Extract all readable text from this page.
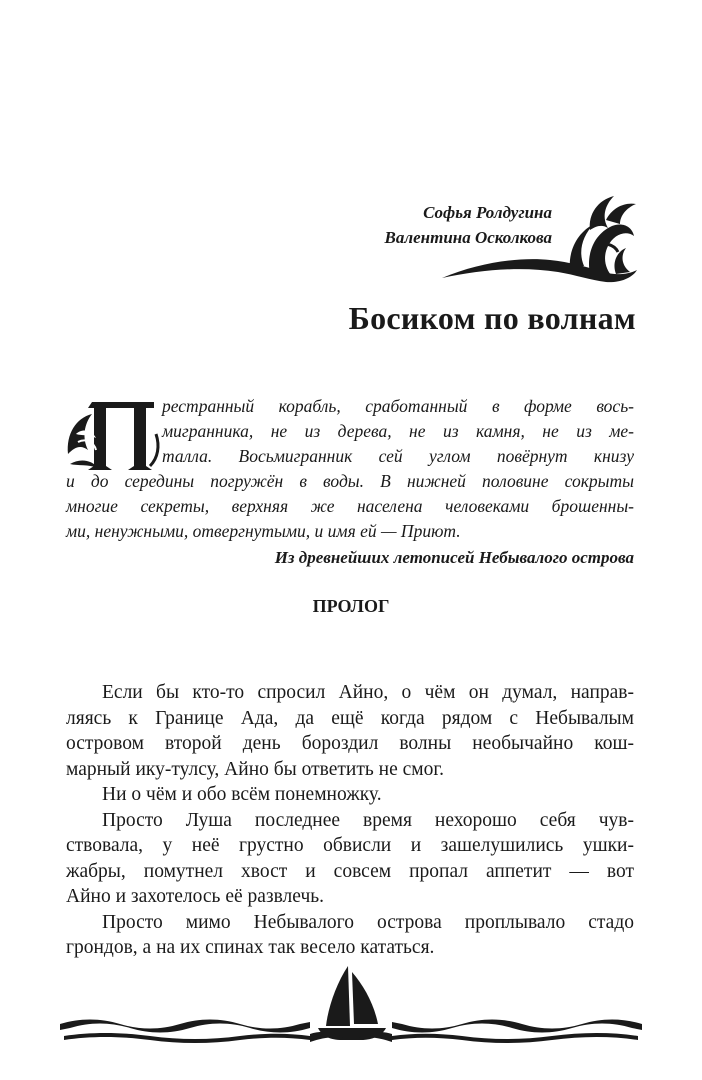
Софья Ролдугина
Валентина Осколкова
Босиком по волнам
рестранный корабль, сработанный в форме вось-
мигранника, не из дерева, не из камня, не из ме-
талла. Восьмигранник сей углом повёрнут книзу
и до середины погружён в воды. В нижней половине сокрыты
многие секреты, верхняя же населена человеками брошенны-
ми, ненужными, отвергнутыми, и имя ей — Приют.
Из древнейших летописей Небывалого острова
ПРОЛОГ
Если бы кто-то спросил Айно, о чём он думал, направ-
ляясь к Границе Ада, да ещё когда рядом с Небывалым
островом второй день бороздил волны необычайно кош-
марный ику-тулсу, Айно бы ответить не смог.
Ни о чём и обо всём понемножку.
Просто Луша последнее время нехорошо себя чув-
ствовала, у неё грустно обвисли и зашелушились ушки-
жабры, помутнел хвост и совсем пропал аппетит — вот
Айно и захотелось её развлечь.
Просто мимо Небывалого острова проплывало стадо
грондов, а на их спинах так весело кататься.
